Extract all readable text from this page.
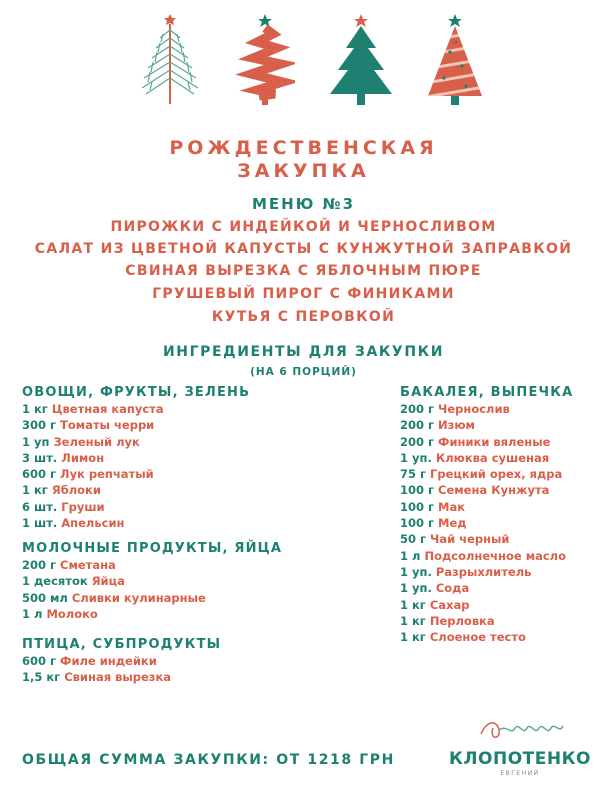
РОЖДЕСТВЕНСКАЯ
ЗАКУПКА
МЕНЮ №3
ПИРОЖКИ С ИНДЕЙКОЙ И ЧЕРНОСЛИВОМ
САЛАТ ИЗ ЦВЕТНОЙ КАПУСТЫ С КУНЖУТНОЙ ЗАПРАВКОЙ
СВИНАЯ ВЫРЕЗКА С ЯБЛОЧНЫМ ПЮРЕ
ГРУШЕВЫЙ ПИРОГ С ФИНИКАМИ
КУТЬЯ С ПЕРОВКОЙ
ИНГРЕДИЕНТЫ ДЛЯ ЗАКУПКИ
(НА 6 ПОРЦИЙ)
ОВОЩИ, ФРУКТЫ, ЗЕЛЕНЬ
1 кг Цветная капуста
300 г Томаты черри
1 уп Зеленый лук
3 шт. Лимон
600 г Лук репчатый
1 кг Яблоки
6 шт. Груши
1 шт. Апельсин
МОЛОЧНЫЕ ПРОДУКТЫ, ЯЙЦА
200 г Сметана
1 десяток Яйца
500 мл Сливки кулинарные
1 л Молоко
ПТИЦА, СУБПРОДУКТЫ
600 г Филе индейки
1,5 кг Свиная вырезка
БАКАЛЕЯ, ВЫПЕЧКА
200 г Чернослив
200 г Изюм
200 г Финики вяленые
1 уп. Клюква сушеная
75 г Грецкий орех, ядра
100 г Семена Кунжута
100 г Мак
100 г Мед
50 г Чай черный
1 л Подсолнечное масло
1 уп. Разрыхлитель
1 уп. Сода
1 кг Сахар
1 кг Перловка
1 кг Слоеное тесто
ОБЩАЯ СУММА ЗАКУПКИ: ОТ 1218 ГРН	КЛОПОТЕНКО
ЕВГЕНИЙ
